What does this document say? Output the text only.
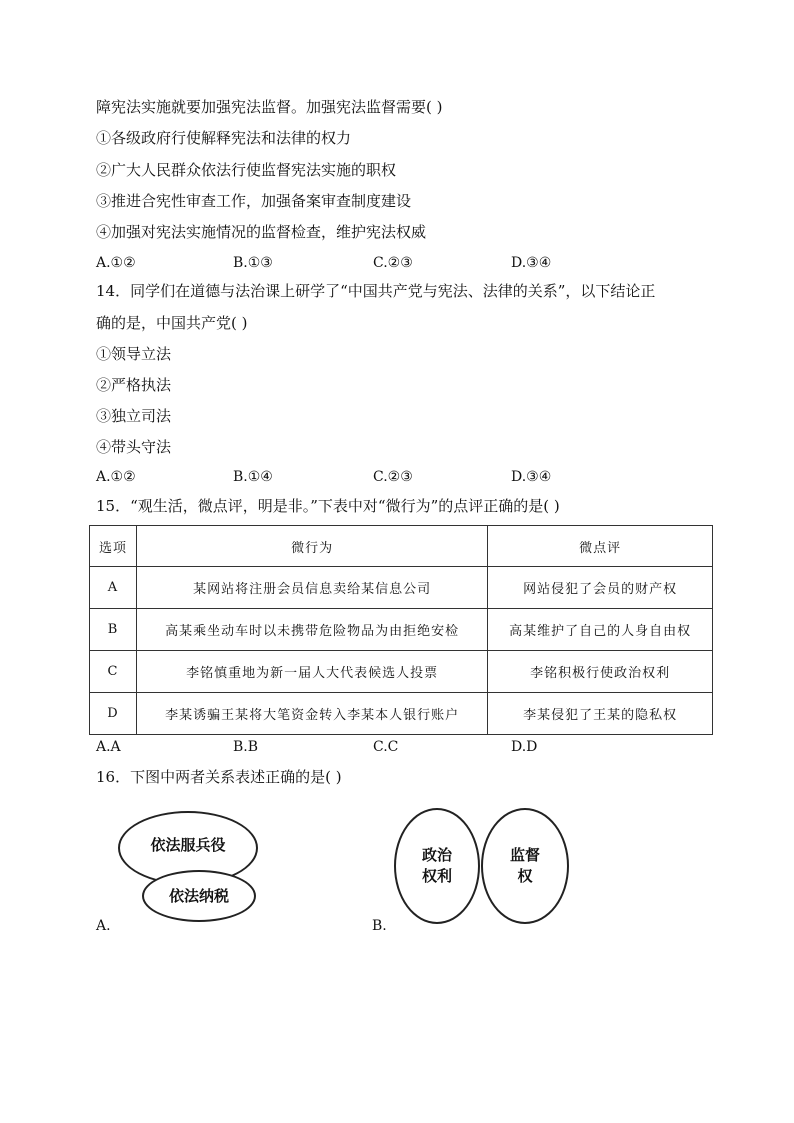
障宪法实施就要加强宪法监督。加强宪法监督需要( )
①各级政府行使解释宪法和法律的权力
②广大人民群众依法行使监督宪法实施的职权
③推进合宪性审查工作，加强备案审查制度建设
④加强对宪法实施情况的监督检查，维护宪法权威
A.①②	B.①③	C.②③	D.③④
14．同学们在道德与法治课上研学了“中国共产党与宪法、法律的关系”，以下结论正
确的是，中国共产党( )
①领导立法
②严格执法
③独立司法
④带头守法
A.①②	B.①④	C.②③	D.③④
15．“观生活，微点评，明是非。”下表中对“微行为”的点评正确的是( )
选项	微行为	微点评
A	某网站将注册会员信息卖给某信息公司	网站侵犯了会员的财产权
B	高某乘坐动车时以未携带危险物品为由拒绝安检	高某维护了自己的人身自由权
C	李铭慎重地为新一届人大代表候选人投票	李铭积极行使政治权利
D	李某诱骗王某将大笔资金转入李某本人银行账户	李某侵犯了王某的隐私权
A.A	B.B	C.C	D.D
16．下图中两者关系表述正确的是( )
依法服兵役
依法纳税
A.
政治
权利
监督
权
B.
